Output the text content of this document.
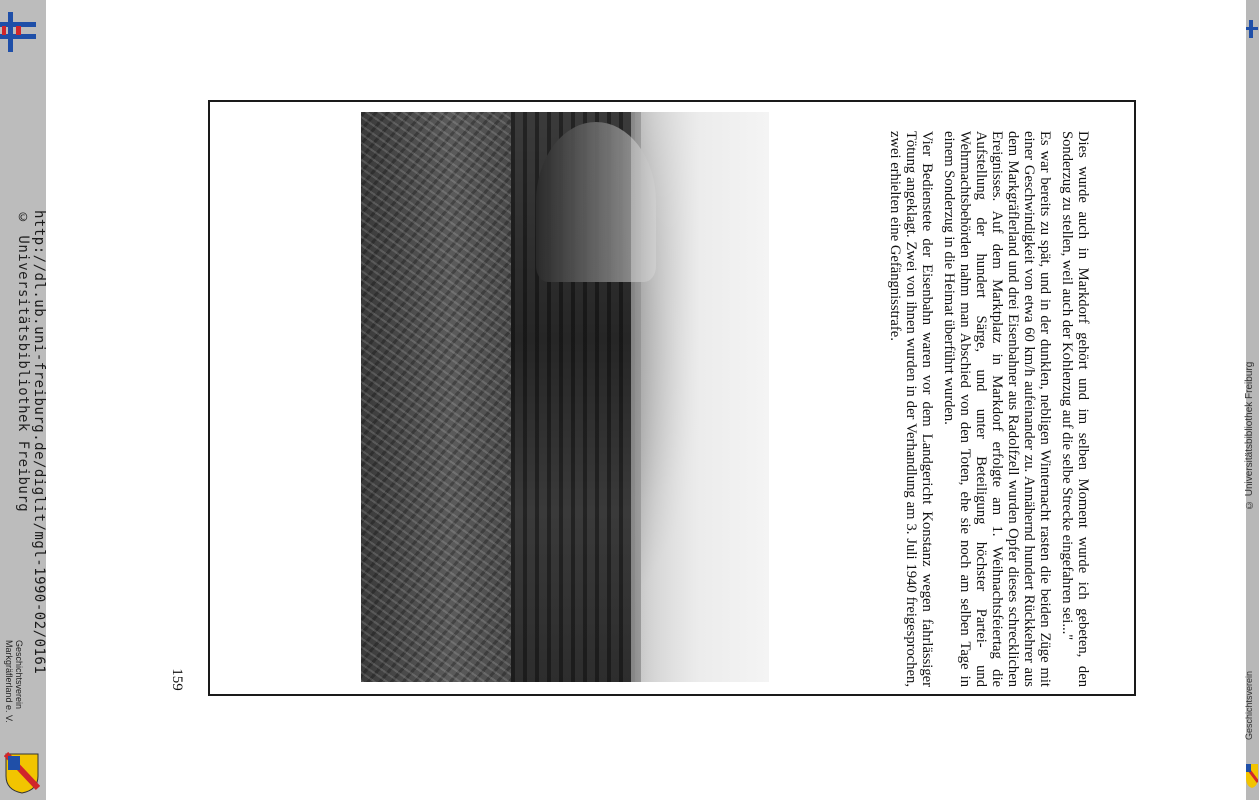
http://dl.ub.uni-freiburg.de/diglit/mgl-1990-02/0161
© Universitätsbibliothek Freiburg
Geschichtsverein Markgräflerland e. V.
© Universitätsbibliothek Freiburg
Geschichtsverein

Dies wurde auch in Markdorf gehört und im selben Moment wurde ich gebeten, den Sonderzug zu stellen, weil auch der Kohlenzug auf die selbe Strecke eingefahren sei..."

Es war bereits zu spät, und in der dunklen, nebligen Winternacht rasten die beiden Züge mit einer Geschwindigkeit von etwa 60 km/h aufeinander zu. Annähernd hundert Rückkehrer aus dem Markgräflerland und drei Eisenbahner aus Radolfzell wurden Opfer dieses schrecklichen Ereignisses. Auf dem Marktplatz in Markdorf erfolgte am 1. Weihnachtsfeiertag die Aufstellung der hundert Särge, und unter Beteiligung höchster Partei- und Wehrmachtsbehörden nahm man Abschied von den Toten, ehe sie noch am selben Tage in einem Sonderzug in die Heimat überführt wurden.

Vier Bedienstete der Eisenbahn waren vor dem Landgericht Konstanz wegen fahrlässiger Tötung angeklagt. Zwei von ihnen wurden in der Verhandlung am 3. Juli 1940 freigesprochen, zwei erhielten eine Gefängnisstrafe.

159
